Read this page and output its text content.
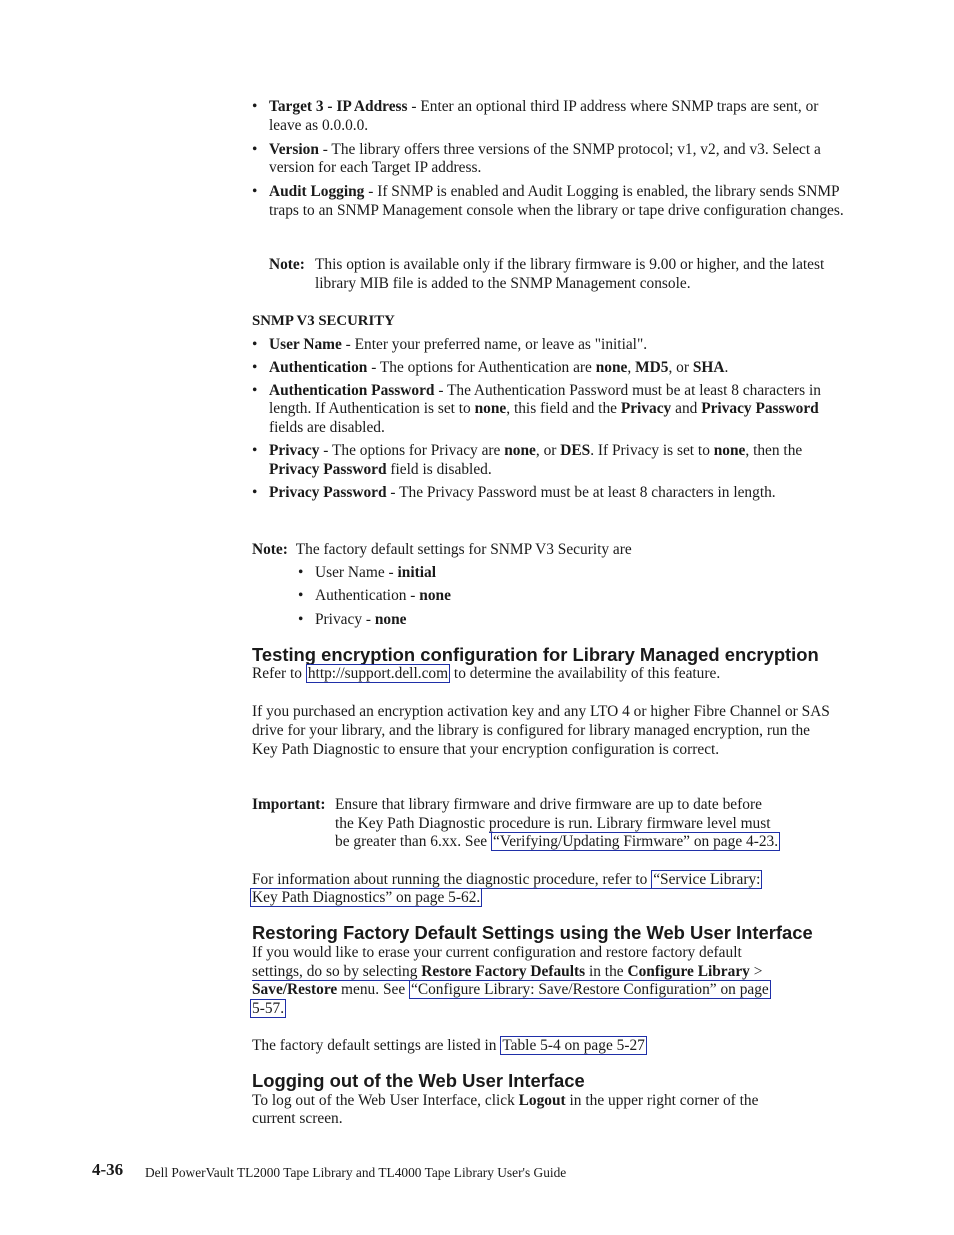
• Target 3 - IP Address - Enter an optional third IP address where SNMP traps are sent, or leave as 0.0.0.0.
• Version - The library offers three versions of the SNMP protocol; v1, v2, and v3. Select a version for each Target IP address.
• Audit Logging - If SNMP is enabled and Audit Logging is enabled, the library sends SNMP traps to an SNMP Management console when the library or tape drive configuration changes.
Note: This option is available only if the library firmware is 9.00 or higher, and the latest library MIB file is added to the SNMP Management console.
SNMP V3 SECURITY
• User Name - Enter your preferred name, or leave as "initial".
• Authentication - The options for Authentication are none, MD5, or SHA.
• Authentication Password - The Authentication Password must be at least 8 characters in length. If Authentication is set to none, this field and the Privacy and Privacy Password fields are disabled.
• Privacy - The options for Privacy are none, or DES. If Privacy is set to none, then the Privacy Password field is disabled.
• Privacy Password - The Privacy Password must be at least 8 characters in length.
Note: The factory default settings for SNMP V3 Security are
• User Name - initial
• Authentication - none
• Privacy - none
Testing encryption configuration for Library Managed encryption
Refer to http://support.dell.com to determine the availability of this feature.
If you purchased an encryption activation key and any LTO 4 or higher Fibre Channel or SAS drive for your library, and the library is configured for library managed encryption, run the Key Path Diagnostic to ensure that your encryption configuration is correct.
Important: Ensure that library firmware and drive firmware are up to date before
the Key Path Diagnostic procedure is run. Library firmware level must
be greater than 6.xx. See “Verifying/Updating Firmware” on page 4-23.
For information about running the diagnostic procedure, refer to “Service Library:
Key Path Diagnostics” on page 5-62.
Restoring Factory Default Settings using the Web User Interface
If you would like to erase your current configuration and restore factory default
settings, do so by selecting Restore Factory Defaults in the Configure Library >
Save/Restore menu. See “Configure Library: Save/Restore Configuration” on page
5-57.
The factory default settings are listed in Table 5-4 on page 5-27
Logging out of the Web User Interface
To log out of the Web User Interface, click Logout in the upper right corner of the
current screen.
4-36 Dell PowerVault TL2000 Tape Library and TL4000 Tape Library User's Guide
